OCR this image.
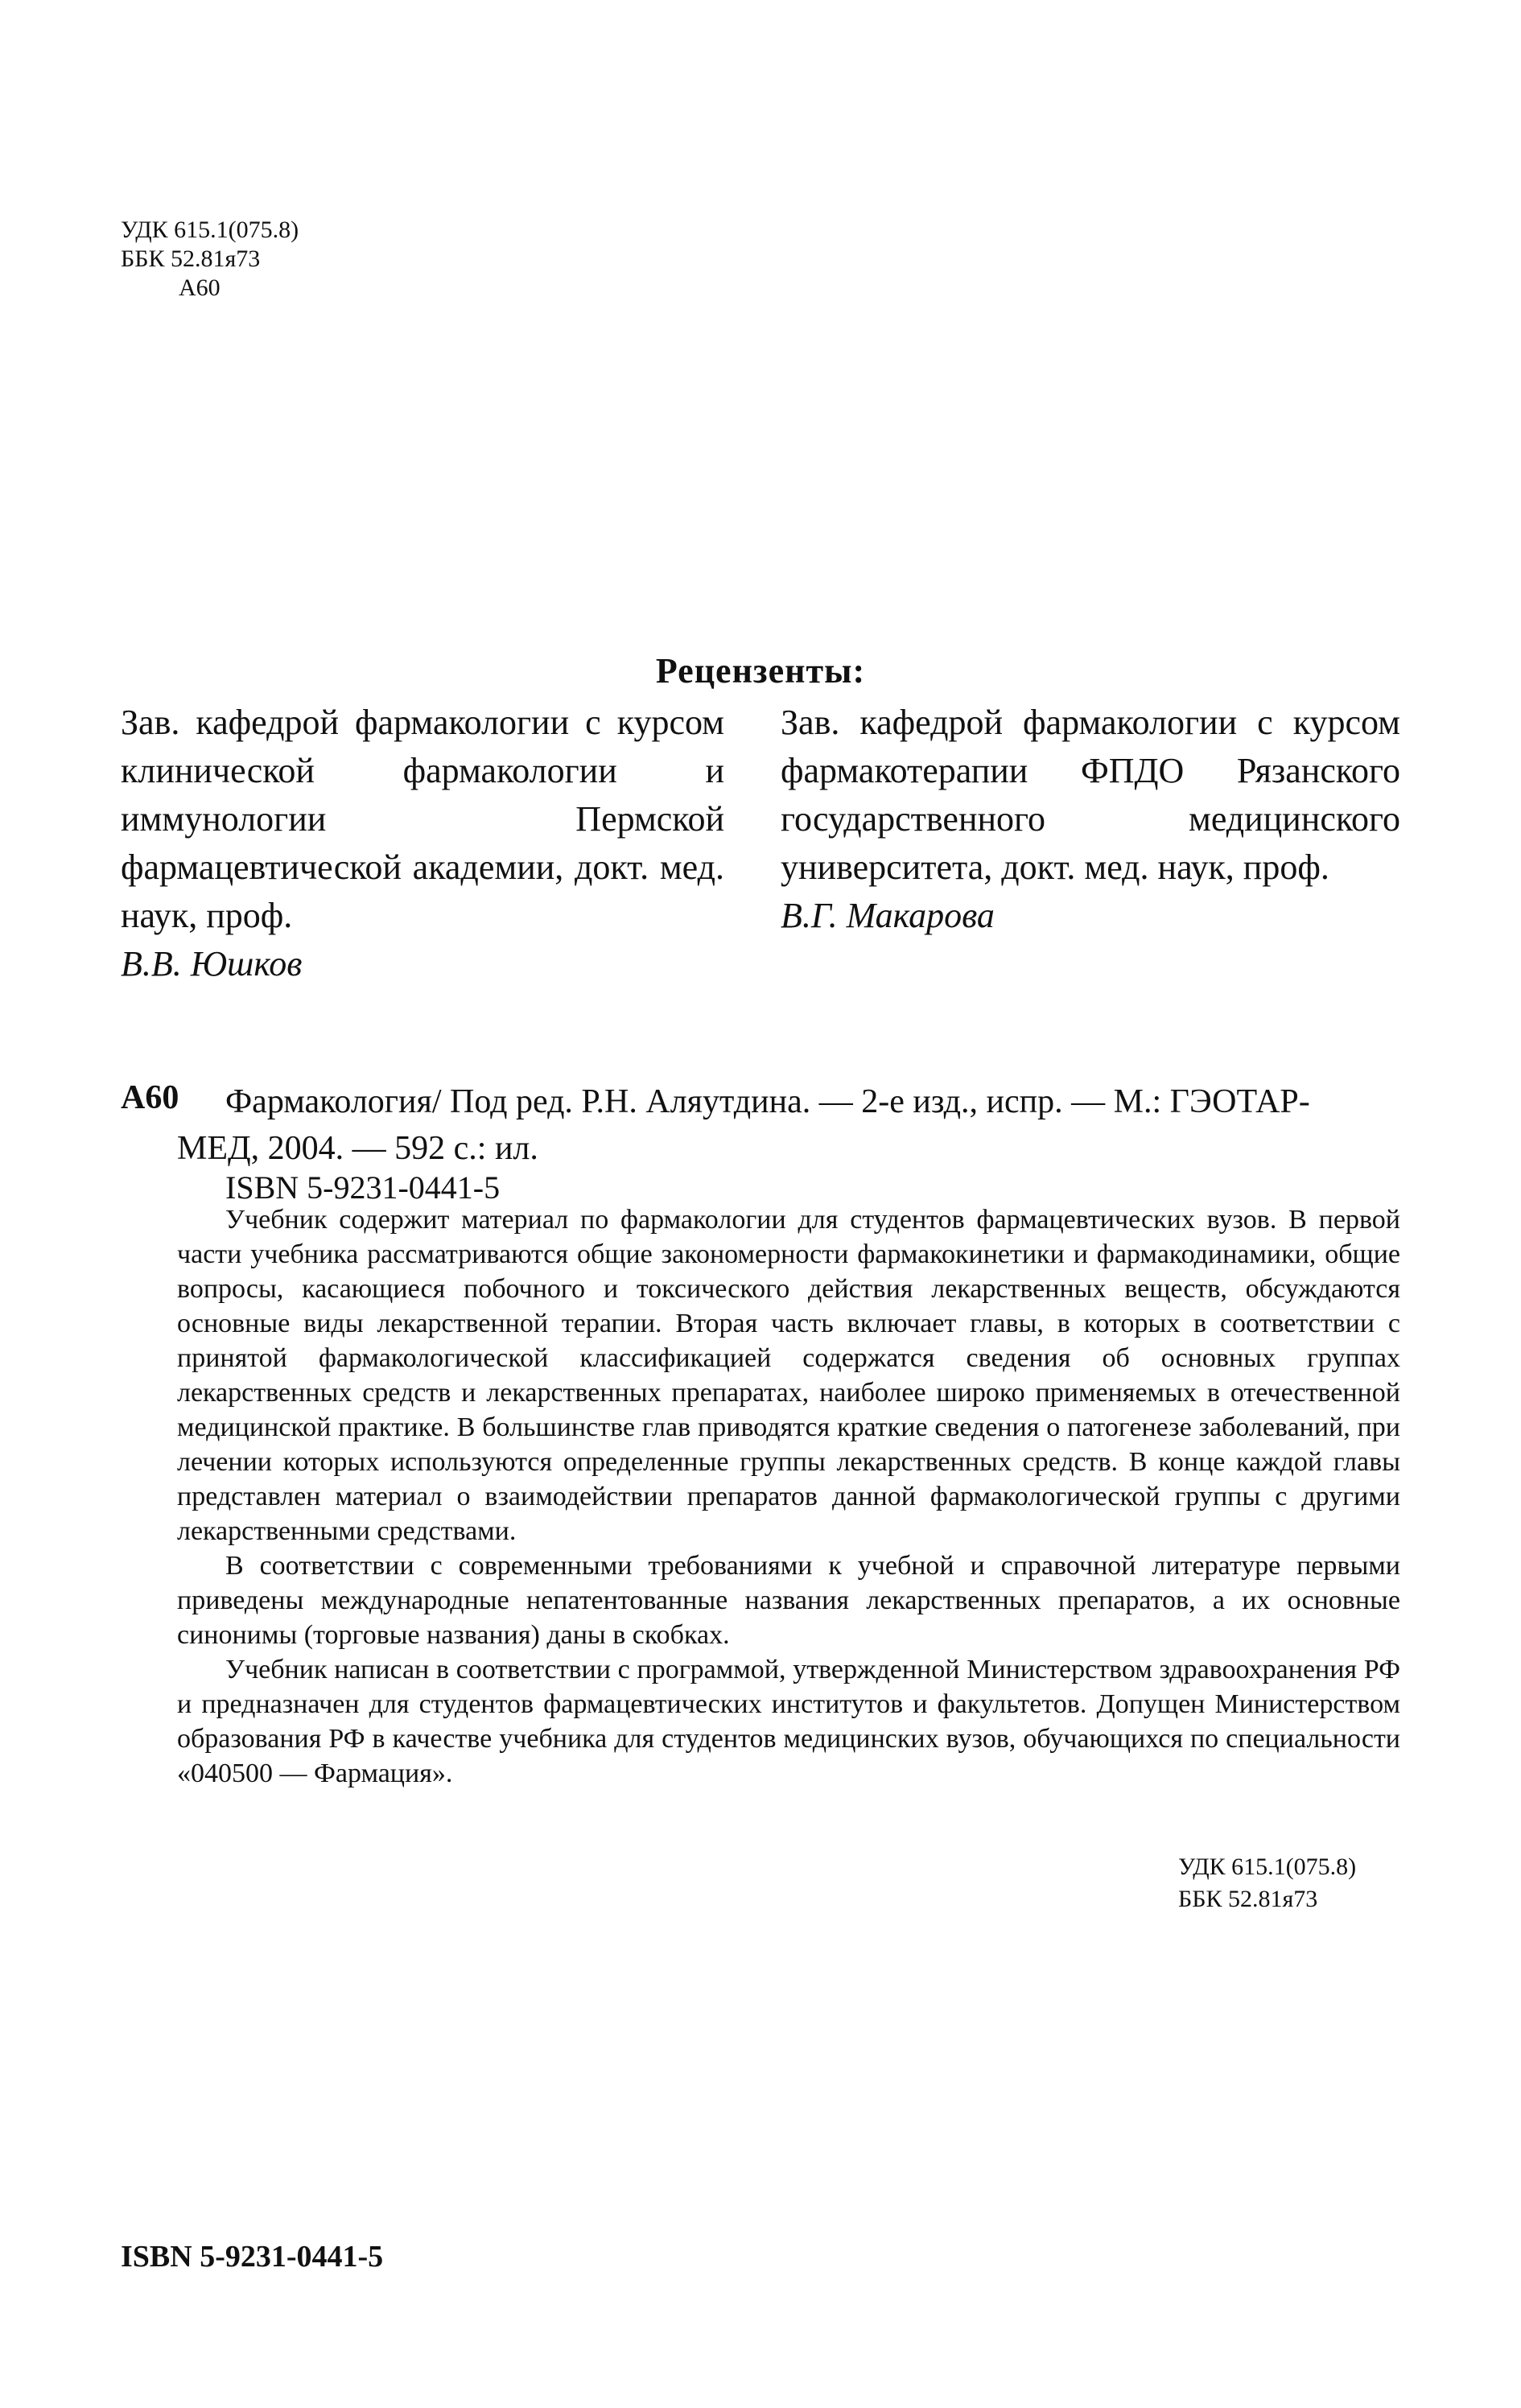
УДК 615.1(075.8)
ББК 52.81я73
А60
Рецензенты:
Зав. кафедрой фармакологии с курсом клинической фармакологии и иммунологии Пермской фармацевтической академии, докт. мед. наук, проф.
В.В. Юшков
Зав. кафедрой фармакологии с курсом фармакотерапии ФПДО Рязанского государственного медицинского университета, докт. мед. наук, проф.
В.Г. Макарова
А60 Фармакология/ Под ред. Р.Н. Аляутдина. — 2-е изд., испр. — М.: ГЭОТАР-
МЕД, 2004. — 592 с.: ил.
ISBN 5-9231-0441-5

Учебник содержит материал по фармакологии для студентов фармацевтических вузов. В первой части учебника рассматриваются общие закономерности фармакокинетики и фармакодинамики, общие вопросы, касающиеся побочного и токсического действия лекарственных веществ, обсуждаются основные виды лекарственной терапии. Вторая часть включает главы, в которых в соответствии с принятой фармакологической классификацией содержатся сведения об основных группах лекарственных средств и лекарственных препаратах, наиболее широко применяемых в отечественной медицинской практике. В большинстве глав приводятся краткие сведения о патогенезе заболеваний, при лечении которых используются определенные группы лекарственных средств. В конце каждой главы представлен материал о взаимодействии препаратов данной фармакологической группы с другими лекарственными средствами.

В соответствии с современными требованиями к учебной и справочной литературе первыми приведены международные непатентованные названия лекарственных препаратов, а их основные синонимы (торговые названия) даны в скобках.

Учебник написан в соответствии с программой, утвержденной Министерством здравоохранения РФ и предназначен для студентов фармацевтических институтов и факультетов. Допущен Министерством образования РФ в качестве учебника для студентов медицинских вузов, обучающихся по специальности «040500 — Фармация».

УДК 615.1(075.8)
ББК 52.81я73
ISBN 5-9231-0441-5
